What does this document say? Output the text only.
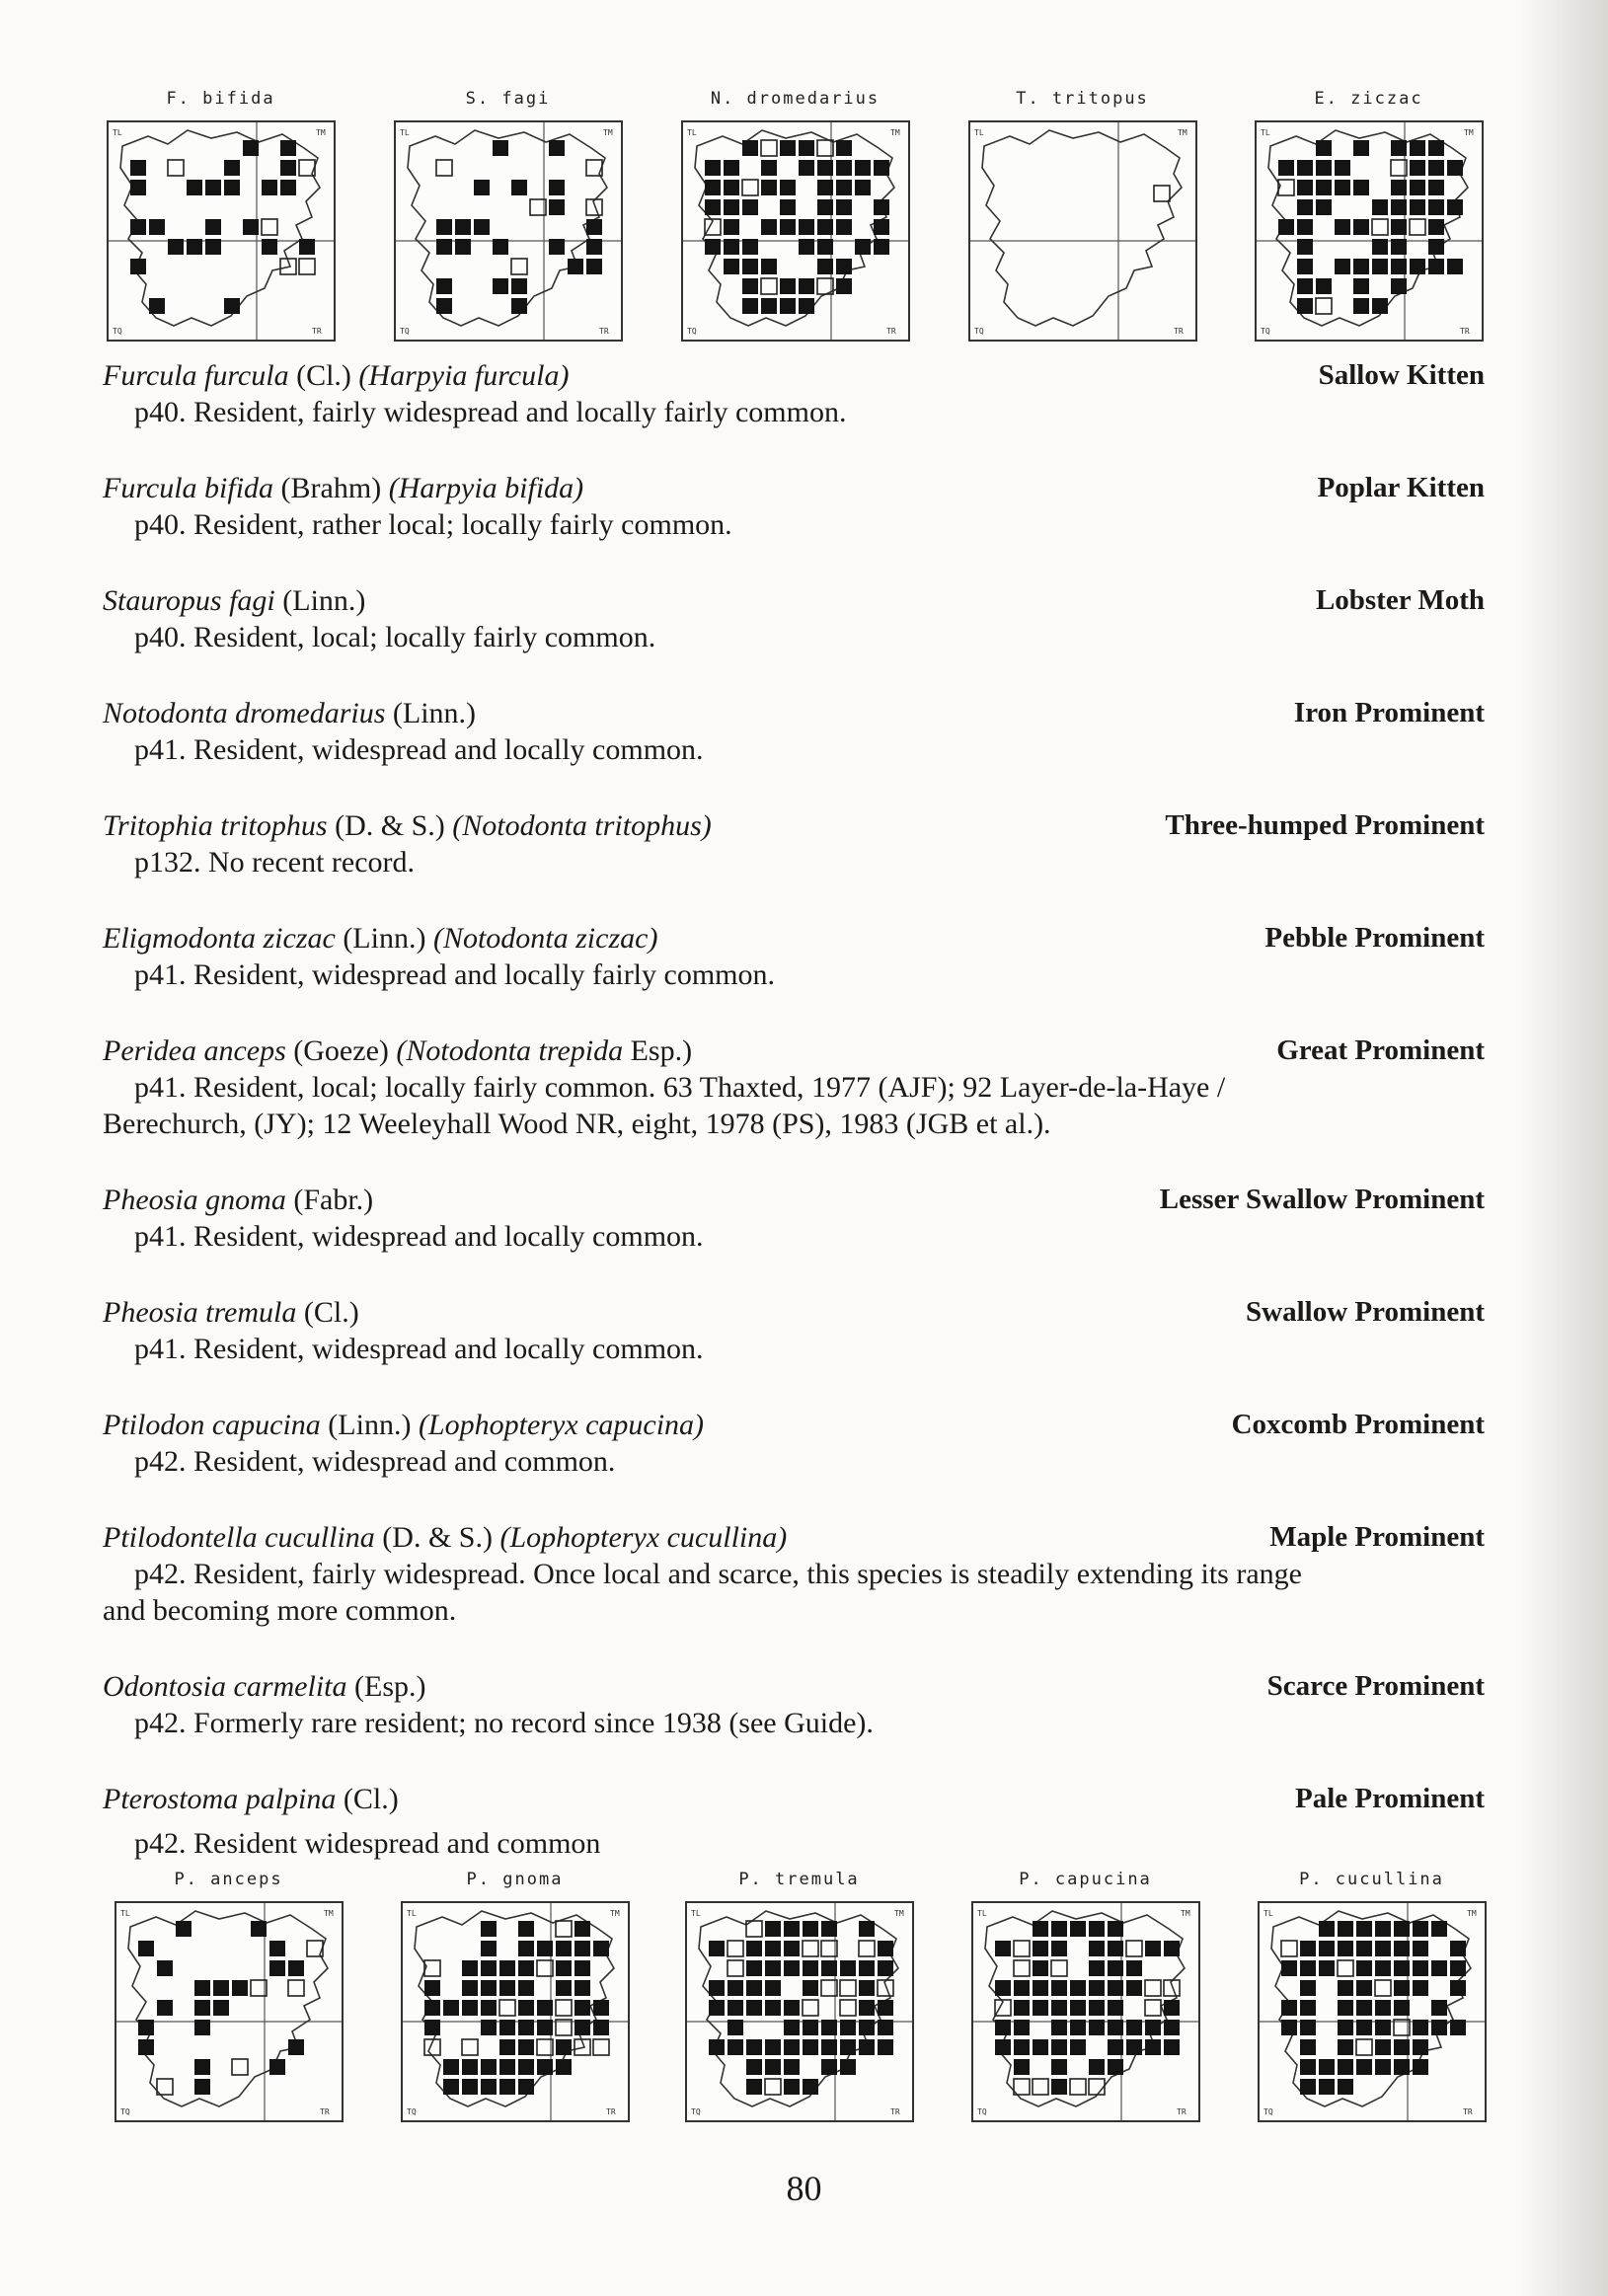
F. bifida
TL	TM
TQ	TR
S. fagi
TL	TM
TQ	TR
N. dromedarius
TL	TM
TQ	TR
T. tritopus
TL	TM
TQ	TR
E. ziczac
TL	TM
TQ	TR
Furcula furcula (Cl.) (Harpyia furcula)	Sallow Kitten
p40. Resident, fairly widespread and locally fairly common.
Furcula bifida (Brahm) (Harpyia bifida)	Poplar Kitten
p40. Resident, rather local; locally fairly common.
Stauropus fagi (Linn.)	Lobster Moth
p40. Resident, local; locally fairly common.
Notodonta dromedarius (Linn.)	Iron Prominent
p41. Resident, widespread and locally common.
Tritophia tritophus (D. & S.) (Notodonta tritophus)	Three-humped Prominent
p132. No recent record.
Eligmodonta ziczac (Linn.) (Notodonta ziczac)	Pebble Prominent
p41. Resident, widespread and locally fairly common.
Peridea anceps (Goeze) (Notodonta trepida Esp.)	Great Prominent
p41. Resident, local; locally fairly common. 63 Thaxted, 1977 (AJF); 92 Layer-de-la-Haye /
Berechurch, (JY); 12 Weeleyhall Wood NR, eight, 1978 (PS), 1983 (JGB et al.).
Pheosia gnoma (Fabr.)	Lesser Swallow Prominent
p41. Resident, widespread and locally common.
Pheosia tremula (Cl.)	Swallow Prominent
p41. Resident, widespread and locally common.
Ptilodon capucina (Linn.) (Lophopteryx capucina)	Coxcomb Prominent
p42. Resident, widespread and common.
Ptilodontella cucullina (D. & S.) (Lophopteryx cucullina)	Maple Prominent
p42. Resident, fairly widespread. Once local and scarce, this species is steadily extending its range
and becoming more common.
Odontosia carmelita (Esp.)	Scarce Prominent
p42. Formerly rare resident; no record since 1938 (see Guide).
Pterostoma palpina (Cl.)	Pale Prominent
p42. Resident widespread and common
P. anceps
TL	TM
TQ	TR
P. gnoma
TL	TM
TQ	TR
P. tremula
TL	TM
TQ	TR
P. capucina
TL	TM
TQ	TR
P. cucullina
TL	TM
TQ	TR
80
